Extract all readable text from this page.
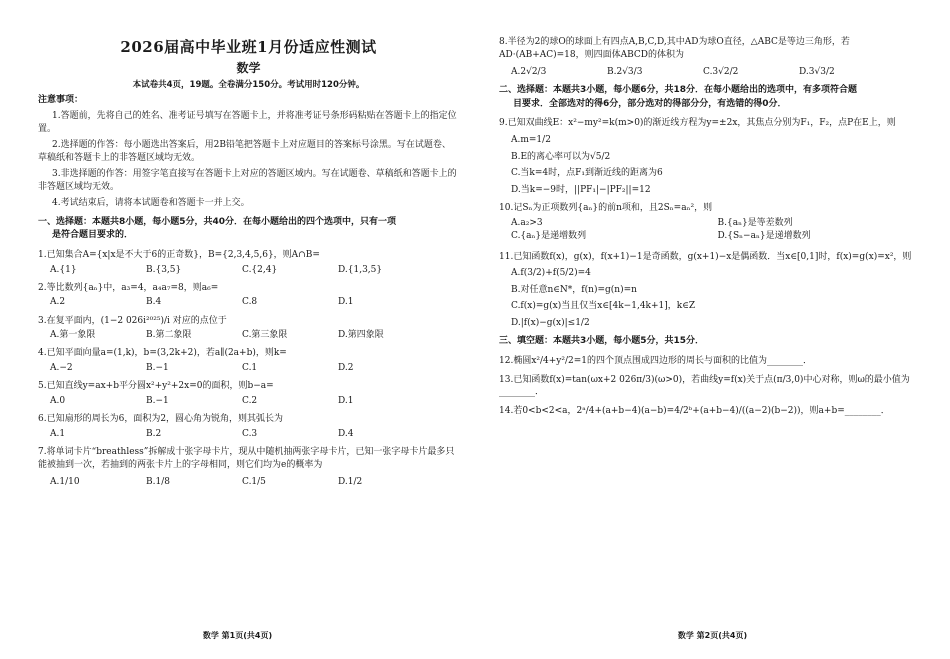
2026届高中毕业班1月份适应性测试
数学
本试卷共4页，19题。全卷满分150分。考试用时120分钟。
注意事项：
1.答题前，先将自己的姓名、准考证号填写在答题卡上，并将准考证号条形码粘贴在答题卡上的指定位置。
2.选择题的作答：每小题选出答案后，用2B铅笔把答题卡上对应题目的答案标号涂黑。写在试题卷、草稿纸和答题卡上的非答题区域均无效。
3.非选择题的作答：用签字笔直接写在答题卡上对应的答题区域内。写在试题卷、草稿纸和答题卡上的非答题区域均无效。
4.考试结束后，请将本试题卷和答题卡一并上交。
一、选择题：本题共8小题，每小题5分，共40分．在每小题给出的四个选项中，只有一项
是符合题目要求的．
1.已知集合A={x|x是不大于6的正奇数}，B={2,3,4,5,6}，则A∩B=
A.{1}	B.{3,5}	C.{2,4}	D.{1,3,5}
2.等比数列{aₙ}中，a₃=4，a₄a₇=8，则a₆=
A.2	B.4	C.8	D.1
3.在复平面内，(1−2 026i²⁰²⁵)/i 对应的点位于
A.第一象限	B.第二象限	C.第三象限	D.第四象限
4.已知平面向量a=(1,k)，b=(3,2k+2)，若a∥(2a+b)，则k=
A.−2	B.−1	C.1	D.2
5.已知直线y=ax+b平分圆x²+y²+2x=0的面积，则b−a=
A.0	B.−1	C.2	D.1
6.已知扇形的周长为6，面积为2，圆心角为锐角，则其弧长为
A.1	B.2	C.3	D.4
7.将单词卡片“breathless”拆解成十张字母卡片，现从中随机抽两张字母卡片，已知一张字母卡片最多只能被抽到一次，若抽到的两张卡片上的字母相同，则它们均为e的概率为
A.1/10	B.1/8	C.1/5	D.1/2
数学 第1页(共4页)
8.半径为2的球O的球面上有四点A,B,C,D,其中AD为球O直径，△ABC是等边三角形，若AD·(AB+AC)=18，则四面体ABCD的体积为
A.2√2/3	B.2√3/3	C.3√2/2	D.3√3/2
二、选择题：本题共3小题，每小题6分，共18分．在每小题给出的选项中，有多项符合题
目要求．全部选对的得6分，部分选对的得部分分，有选错的得0分．
9.已知双曲线E：x²−my²=k(m>0)的渐近线方程为y=±2x，其焦点分别为F₁，F₂，点P在E上，则
A.m=1/2
B.E的离心率可以为√5/2
C.当k=4时，点F₁到渐近线的距离为6
D.当k=−9时，||PF₁|−|PF₂||=12
10.记Sₙ为正项数列{aₙ}的前n项和，且2Sₙ=aₙ²，则
A.a₂>3	B.{aₙ}是等差数列
C.{aₙ}是递增数列	D.{Sₙ−aₙ}是递增数列
11.已知函数f(x)，g(x)，f(x+1)−1是奇函数，g(x+1)−x是偶函数．当x∈[0,1]时，f(x)=g(x)=x²，则
A.f(3/2)+f(5/2)=4
B.对任意n∈N*，f(n)=g(n)=n
C.f(x)=g(x)当且仅当x∈[4k−1,4k+1]，k∈Z
D.|f(x)−g(x)|≤1/2
三、填空题：本题共3小题，每小题5分，共15分．
12.椭圆x²/4+y²/2=1的四个顶点围成四边形的周长与面积的比值为________．
13.已知函数f(x)=tan(ωx+2 026π/3)(ω>0)，若曲线y=f(x)关于点(π/3,0)中心对称，则ω的最小值为________．
14.若0<b<2<a，2ᵃ/4+(a+b−4)(a−b)=4/2ᵇ+(a+b−4)/((a−2)(b−2))，则a+b=________．
数学 第2页(共4页)
